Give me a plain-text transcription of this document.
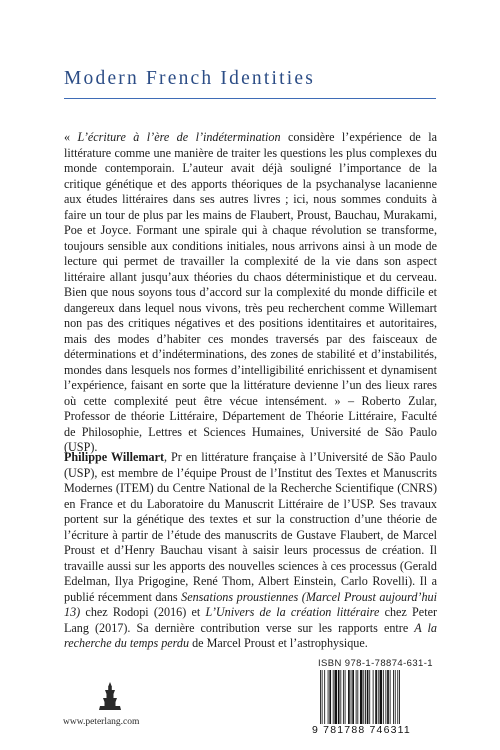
Modern French Identities

« L’écriture à l’ère de l’indétermination considère l’expérience de la littérature comme une manière de traiter les questions les plus complexes du monde contemporain. L’auteur avait déjà souligné l’importance de la critique génétique et des apports théoriques de la psychanalyse lacanienne aux études littéraires dans ses autres livres ; ici, nous sommes conduits à faire un tour de plus par les mains de Flaubert, Proust, Bauchau, Murakami, Poe et Joyce. Formant une spirale qui à chaque révolution se transforme, toujours sensible aux conditions initiales, nous arrivons ainsi à un mode de lecture qui permet de travailler la complexité de la vie dans son aspect littéraire allant jusqu’aux théories du chaos déterministique et du cerveau. Bien que nous soyons tous d’accord sur la complexité du monde difficile et dangereux dans lequel nous vivons, très peu recherchent comme Willemart non pas des critiques négatives et des positions identitaires et autoritaires, mais des modes d’habiter ces mondes traversés par des faisceaux de déterminations et d’indéterminations, des zones de stabilité et d’instabilités, mondes dans lesquels nos formes d’intelligibilité enrichissent et dynamisent l’expérience, faisant en sorte que la littérature devienne l’un des lieux rares où cette complexité peut être vécue intensément. » – Roberto Zular, Professor de théorie Littéraire, Département de Théorie Littéraire, Faculté de Philosophie, Lettres et Sciences Humaines, Université de São Paulo (USP).

Philippe Willemart, Pr en littérature française à l’Université de São Paulo (USP), est membre de l’équipe Proust de l’Institut des Textes et Manuscrits Modernes (ITEM) du Centre National de la Recherche Scientifique (CNRS) en France et du Laboratoire du Manuscrit Littéraire de l’USP. Ses travaux portent sur la génétique des textes et sur la construction d’une théorie de l’écriture à partir de l’étude des manuscrits de Gustave Flaubert, de Marcel Proust et d’Henry Bauchau visant à saisir leurs processus de création. Il travaille aussi sur les apports des nouvelles sciences à ces processus (Gerald Edelman, Ilya Prigogine, René Thom, Albert Einstein, Carlo Rovelli). Il a publié récemment dans Sensations proustiennes (Marcel Proust aujourd’hui 13) chez Rodopi (2016) et L’Univers de la création littéraire chez Peter Lang (2017). Sa dernière contribution verse sur les rapports entre A la recherche du temps perdu de Marcel Proust et l’astrophysique.

ISBN 978-1-78874-631-1
9 781788 746311
www.peterlang.com
